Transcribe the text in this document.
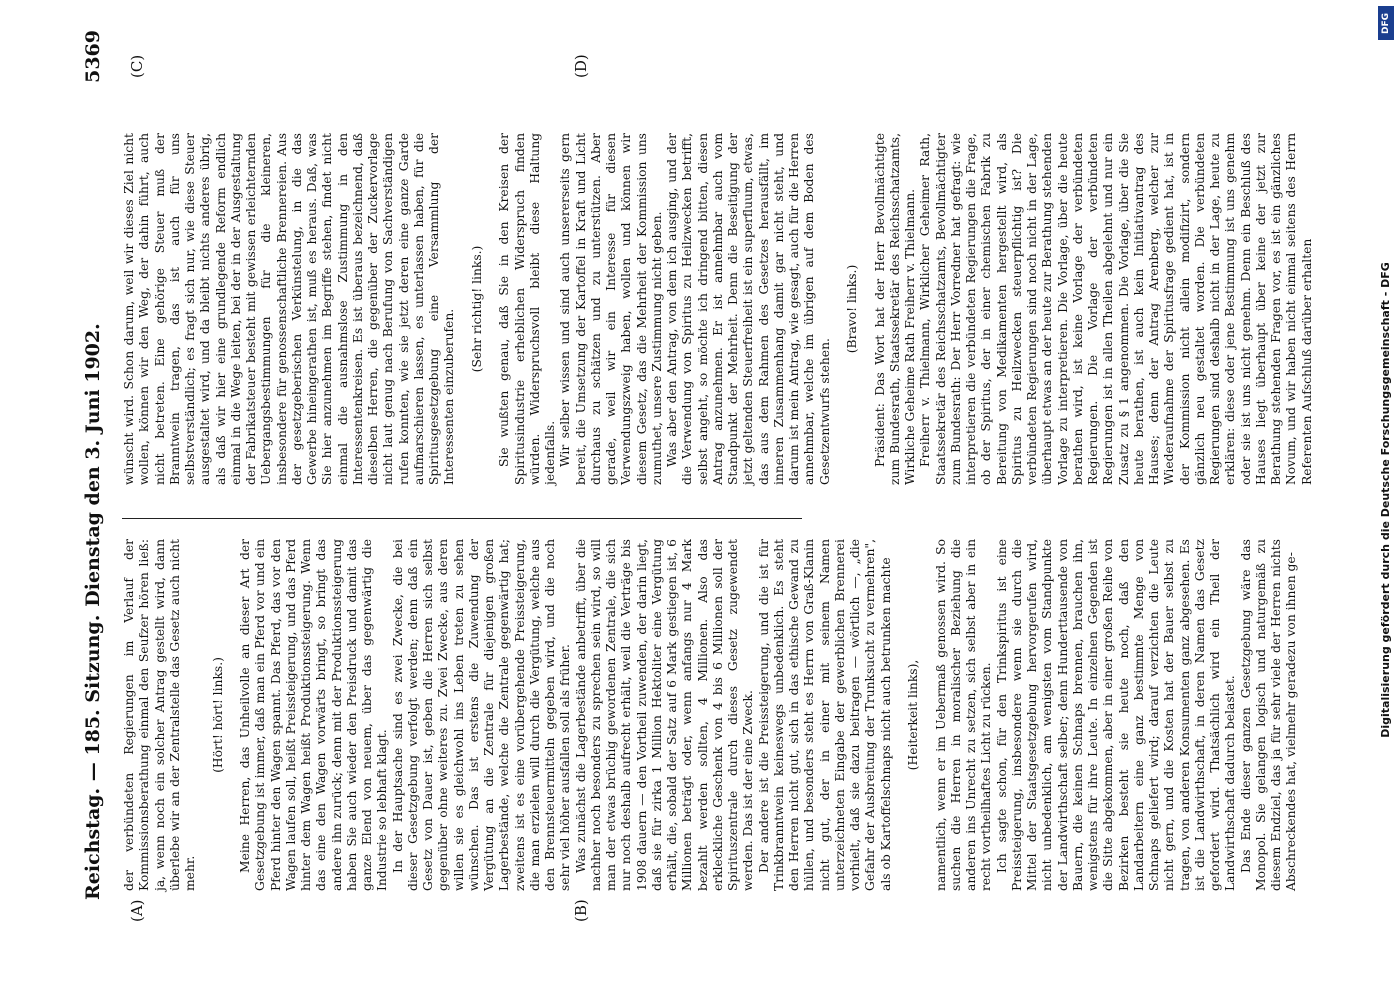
Reichstag. — 185. Sitzung.
Dienstag den 3. Juni 1902.
5369
(A)	(B)
(C)	(D)

der verbündeten Regierungen im Verlauf der Kommissionsberathung einmal den Seufzer hören ließ: ja, wenn noch ein solcher Antrag gestellt wird, dann überlebe wir an der Zentralstelle das Gesetz auch nicht mehr.

(Hört! hört! links.) Meine Herren, das Unheilvolle an dieser Art der Gesetzgebung ist immer, daß man ein Pferd vor und ein Pferd hinter den Wagen spannt. Das Pferd, das vor den Wagen laufen soll, heißt Preissteigerung, und das Pferd hinter dem Wagen heißt Produktionssteigerung. Wenn das eine den Wagen vorwärts bringt, so bringt das andere ihn zurück; denn mit der Produktionssteigerung haben Sie auch wieder den Preisdruck und damit das ganze Elend von neuem, über das gegenwärtig die Industrie so lebhaft klagt. In der Hauptsache sind es zwei Zwecke, die bei dieser Gesetzgebung verfolgt werden; denn daß ein Gesetz von Dauer ist, geben die Herren sich selbst gegenüber ohne weiteres zu. Zwei Zwecke, aus deren willen sie es gleichwohl ins Leben treten zu sehen wünschen. Das ist erstens die Zuwendung der Vergütung an die Zentrale für diejenigen großen Lagerbestände, welche die Zentrale gegenwärtig hat; zweitens ist es eine vorübergehende Preissteigerung, die man erzielen will durch die Vergütung, welche aus den Brennsteuermitteln gegeben wird, und die noch sehr viel höher ausfallen soll als früher. Was zunächst die Lagerbestände anbetrifft, über die nachher noch besonders zu sprechen sein wird, so will man der etwas brüchig gewordenen Zentrale, die sich nur noch deshalb aufrecht erhält, weil die Verträge bis 1908 dauern — den Vortheil zuwenden, der darin liegt, daß sie für zirka 1 Million Hektoliter eine Vergütung erhält, die, sobald der Satz auf 6 Mark gestiegen ist, 6 Millionen beträgt oder, wenn anfangs nur 4 Mark bezahlt werden sollten, 4 Millionen. Also das erkleckliche Geschenk von 4 bis 6 Millionen soll der Spirituszentrale durch dieses Gesetz zugewendet werden. Das ist der eine Zweck. Der andere ist die Preissteigerung, und die ist für Trinkbranntwein keineswegs unbedenklich. Es steht den Herren nicht gut, sich in das ethische Gewand zu hüllen, und besonders steht es Herrn von Graß-Klanin nicht gut, der in einer mit seinem Namen unterzeichneten Eingabe der gewerblichen Brennerei vorhielt, daß sie dazu beitragen — wörtlich —, „die Gefahr der Ausbreitung der Trunksucht zu vermehren", als ob Kartoffelschnaps nicht auch betrunken machte (Heiterkeit links), namentlich, wenn er im Uebermaß genossen wird. So suchen die Herren in moralischer Beziehung die anderen ins Unrecht zu setzen, sich selbst aber in ein recht vortheilhaftes Licht zu rücken. Ich sagte schon, für den Trinkspiritus ist eine Preissteigerung, insbesondere wenn sie durch die Mittel der Staatsgesetzgebung hervorgerufen wird, nicht unbedenklich, am wenigsten vom Standpunkte der Landwirthschaft selber; denn Hunderttausende von Bauern, die keinen Schnaps brennen, brauchen ihn, wenigstens für ihre Leute. In einzelnen Gegenden ist die Sitte abgekommen, aber in einer großen Reihe von Bezirken besteht sie heute noch, daß den Landarbeitern eine ganz bestimmte Menge von Schnaps geliefert wird; darauf verzichten die Leute nicht gern, und die Kosten hat der Bauer selbst zu tragen, von anderen Konsumenten ganz abgesehen. Es ist die Landwirthschaft, in deren Namen das Gesetz gefordert wird. Thatsächlich wird ein Theil der Landwirthschaft dadurch belastet. Das Ende dieser ganzen Gesetzgebung wäre das Monopol. Sie gelangen logisch und naturgemäß zu diesem Endziel, das ja für sehr viele der Herren nichts Abschreckendes hat, vielmehr geradezu von ihnen ge-

wünscht wird. Schon darum, weil wir dieses Ziel nicht wollen, können wir den Weg, der dahin führt, auch nicht betreten. Eine gehörige Steuer muß der Branntwein tragen, das ist auch für uns selbstverständlich; es fragt sich nur, wie diese Steuer ausgestaltet wird, und da bleibt nichts anderes übrig, als daß wir hier eine grundlegende Reform endlich einmal in die Wege leiten, bei der in der Ausgestaltung der Fabrikatsteuer besteht mit gewissen erleichternden Uebergangsbestimmungen für die kleineren, insbesondere für genossenschaftliche Brennereien. Aus der gesetzgeberischen Verkünstelung, in die das Gewerbe hineingerathen ist, muß es heraus. Daß, was Sie hier anzunehmen im Begriffe stehen, findet nicht einmal die ausnahmslose Zustimmung in den Interessentenkreisen. Es ist überaus bezeichnend, daß dieselben Herren, die gegenüber der Zuckervorlage nicht laut genug nach Berufung von Sachverständigen rufen konnten, wie sie jetzt deren eine ganze Garde aufmarschieren lassen, es unterlassen haben, für die Spiritusgesetzgebung eine Versammlung der Interessenten einzuberufen. (Sehr richtig! links.) Sie wußten genau, daß Sie in den Kreisen der Spiritusindustrie erheblichen Widerspruch finden würden. Widerspruchsvoll bleibt diese Haltung jedenfalls. Wir selber wissen und sind auch unsererseits gern bereit, die Umsetzung der Kartoffel in Kraft und Licht durchaus zu schätzen und zu unterstützen. Aber gerade, weil wir ein Interesse für diesen Verwendungszweig haben, wollen und können wir diesem Gesetz, das die Mehrheit der Kommission uns zumuthet, unsere Zustimmung nicht geben. Was aber den Antrag, von dem ich ausging, und der die Verwendung von Spiritus zu Heilzwecken betrifft, selbst angeht, so möchte ich dringend bitten, diesen Antrag anzunehmen. Er ist annehmbar auch vom Standpunkt der Mehrheit. Denn die Beseitigung der jetzt geltenden Steuerfreiheit ist ein superfluum, etwas, das aus dem Rahmen des Gesetzes herausfällt, im inneren Zusammenhang damit gar nicht steht, und darum ist mein Antrag, wie gesagt, auch für die Herren annehmbar, welche im übrigen auf dem Boden des Gesetzentwurfs stehen.

(Bravo! links.) Präsident: Das Wort hat der Herr Bevollmächtigte zum Bundesrath, Staatssekretär des Reichsschatzamts, Wirkliche Geheime Rath Freiherr v. Thielmann. Freiherr v. Thielmann, Wirklicher Geheimer Rath, Staatssekretär des Reichsschatzamts, Bevollmächtigter zum Bundesrath: Der Herr Vorredner hat gefragt: wie interpretieren die verbündeten Regierungen die Frage, ob der Spiritus, der in einer chemischen Fabrik zu Bereitung von Medikamenten hergestellt wird, als Spiritus zu Heilzwecken steuerpflichtig ist? Die verbündeten Regierungen sind noch nicht in der Lage, überhaupt etwas an der heute zur Berathung stehenden Vorlage zu interpretieren. Die Vorlage, über die heute berathen wird, ist keine Vorlage der verbündeten Regierungen. Die Vorlage der verbündeten Regierungen ist in allen Theilen abgelehnt und nur ein Zusatz zu § 1 angenommen. Die Vorlage, über die Sie heute berathen, ist auch kein Initiativantrag des Hauses; denn der Antrag Arenberg, welcher zur Wiederaufnahme der Spiritusfrage gedient hat, ist in der Kommission nicht allein modifizirt, sondern gänzlich neu gestaltet worden. Die verbündeten Regierungen sind deshalb nicht in der Lage, heute zu erklären: diese oder jene Bestimmung ist uns genehm oder sie ist uns nicht genehm. Denn ein Beschluß des Hauses liegt überhaupt über keine der jetzt zur Berathung stehenden Fragen vor, es ist ein gänzliches Novum, und wir haben nicht einmal seitens des Herrn Referenten Aufschluß darüber erhalten	Digitalisierung gefördert durch die Deutsche Forschungsgemeinschaft - DFG
DFG
